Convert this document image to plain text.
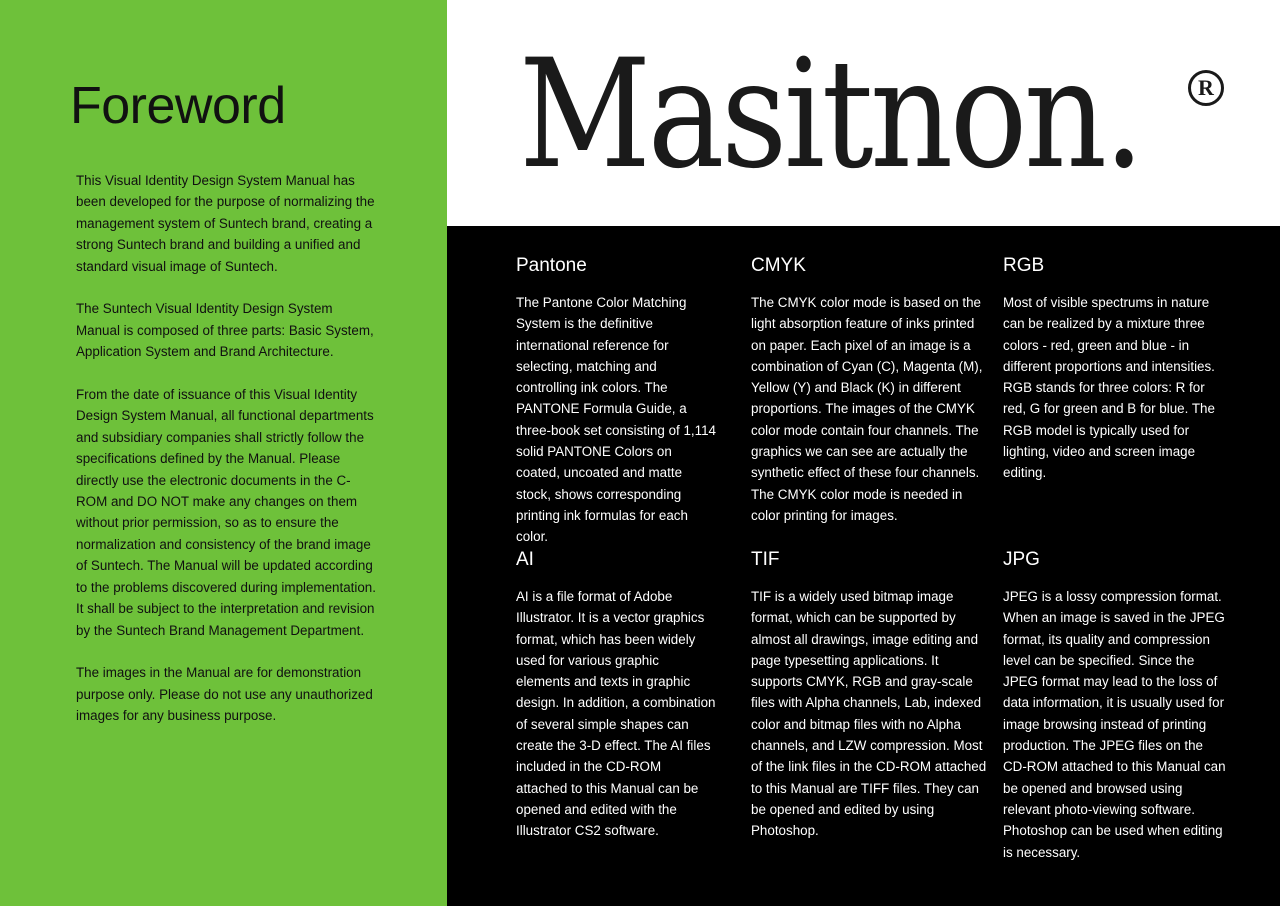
Foreword

This Visual Identity Design System Manual has been developed for the purpose of normalizing the management system of Suntech brand, creating a strong Suntech brand and building a unified and standard visual image of Suntech.

The Suntech Visual Identity Design System Manual is composed of three parts: Basic System, Application System and Brand Architecture.

From the date of issuance of this Visual Identity Design System Manual, all functional departments and subsidiary companies shall strictly follow the specifications defined by the Manual. Please directly use the electronic documents in the C-ROM and DO NOT make any changes on them without prior permission, so as to ensure the normalization and consistency of the brand image of Suntech. The Manual will be updated according to the problems discovered during implementation. It shall be subject to the interpretation and revision by the Suntech Brand Management Department.

The images in the Manual are for demonstration purpose only. Please do not use any unauthorized images for any business purpose.

Masitnon.	R
Pantone
The Pantone Color Matching System is the definitive international reference for selecting, matching and controlling ink colors. The PANTONE Formula Guide, a three-book set consisting of 1,114 solid PANTONE Colors on coated, uncoated and matte stock, shows corresponding printing ink formulas for each color.
CMYK
The CMYK color mode is based on the light absorption feature of inks printed on paper. Each pixel of an image is a combination of Cyan (C), Magenta (M), Yellow (Y) and Black (K) in different proportions. The images of the CMYK color mode contain four channels. The graphics we can see are actually the synthetic effect of these four channels. The CMYK color mode is needed in color printing for images.
RGB
Most of visible spectrums in nature can be realized by a mixture three colors - red, green and blue - in different proportions and intensities. RGB stands for three colors: R for red, G for green and B for blue. The RGB model is typically used for lighting, video and screen image editing.
AI
AI is a file format of Adobe Illustrator. It is a vector graphics format, which has been widely used for various graphic elements and texts in graphic design. In addition, a combination of several simple shapes can create the 3-D effect. The AI files included in the CD-ROM attached to this Manual can be opened and edited with the Illustrator CS2 software.
TIF
TIF is a widely used bitmap image format, which can be supported by almost all drawings, image editing and page typesetting applications. It supports CMYK, RGB and gray-scale files with Alpha channels, Lab, indexed color and bitmap files with no Alpha channels, and LZW compression. Most of the link files in the CD-ROM attached to this Manual are TIFF files. They can be opened and edited by using Photoshop.
JPG
JPEG is a lossy compression format. When an image is saved in the JPEG format, its quality and compression level can be specified. Since the JPEG format may lead to the loss of data information, it is usually used for image browsing instead of printing production. The JPEG files on the CD-ROM attached to this Manual can be opened and browsed using relevant photo-viewing software. Photoshop can be used when editing is necessary.
